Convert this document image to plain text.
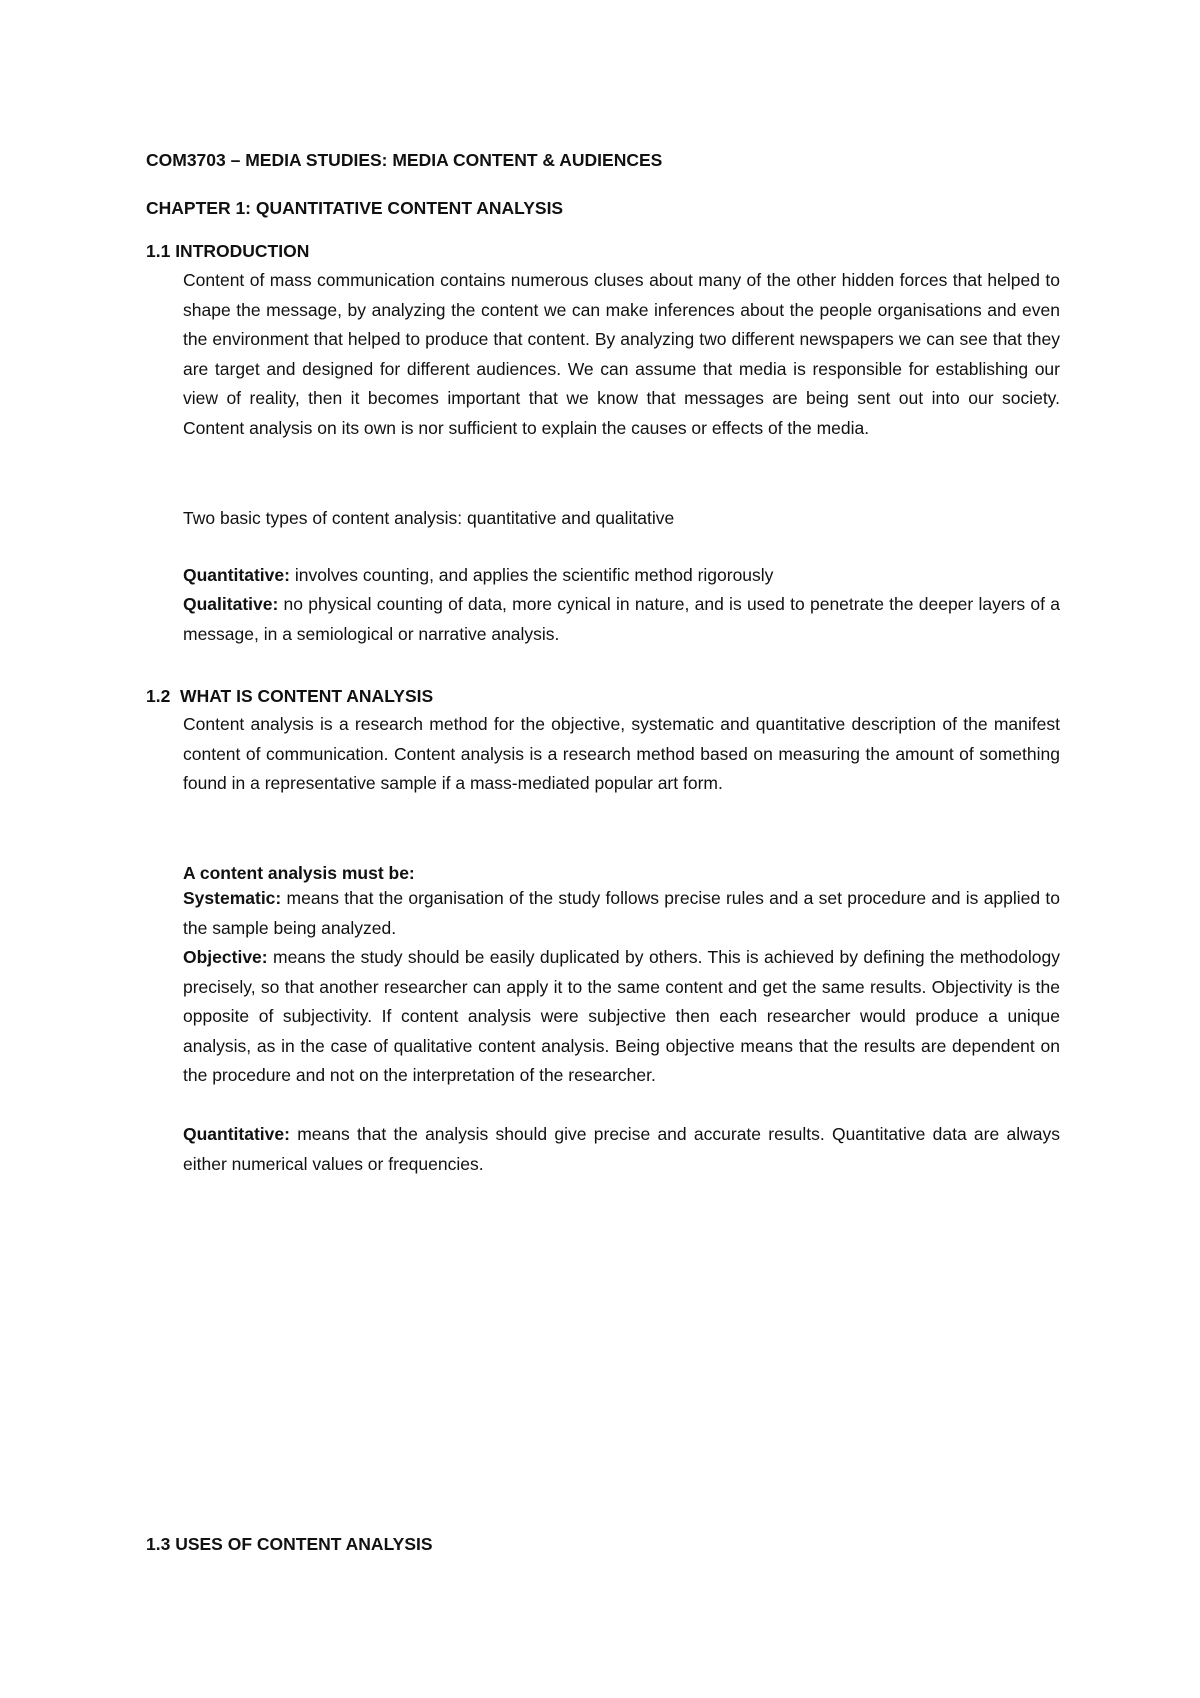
COM3703 – MEDIA STUDIES: MEDIA CONTENT & AUDIENCES
CHAPTER 1: QUANTITATIVE CONTENT ANALYSIS
1.1 INTRODUCTION

Content of mass communication contains numerous cluses about many of the other hidden forces that helped to shape the message, by analyzing the content we can make inferences about the people organisations and even the environment that helped to produce that content. By analyzing two different newspapers we can see that they are target and designed for different audiences. We can assume that media is responsible for establishing our view of reality, then it becomes important that we know that messages are being sent out into our society. Content analysis on its own is nor sufficient to explain the causes or effects of the media.

Two basic types of content analysis: quantitative and qualitative
Quantitative: involves counting, and applies the scientific method rigorously
Qualitative: no physical counting of data, more cynical in nature, and is used to penetrate the deeper layers of a message, in a semiological or narrative analysis.
1.2  WHAT IS CONTENT ANALYSIS

Content analysis is a research method for the objective, systematic and quantitative description of the manifest content of communication. Content analysis is a research method based on measuring the amount of something found in a representative sample if a mass-mediated popular art form.

A content analysis must be:
Systematic: means that the organisation of the study follows precise rules and a set procedure and is applied to the sample being analyzed.
Objective: means the study should be easily duplicated by others. This is achieved by defining the methodology precisely, so that another researcher can apply it to the same content and get the same results. Objectivity is the opposite of subjectivity. If content analysis were subjective then each researcher would produce a unique analysis, as in the case of qualitative content analysis. Being objective means that the results are dependent on the procedure and not on the interpretation of the researcher.
Quantitative: means that the analysis should give precise and accurate results. Quantitative data are always either numerical values or frequencies.
1.3 USES OF CONTENT ANALYSIS
